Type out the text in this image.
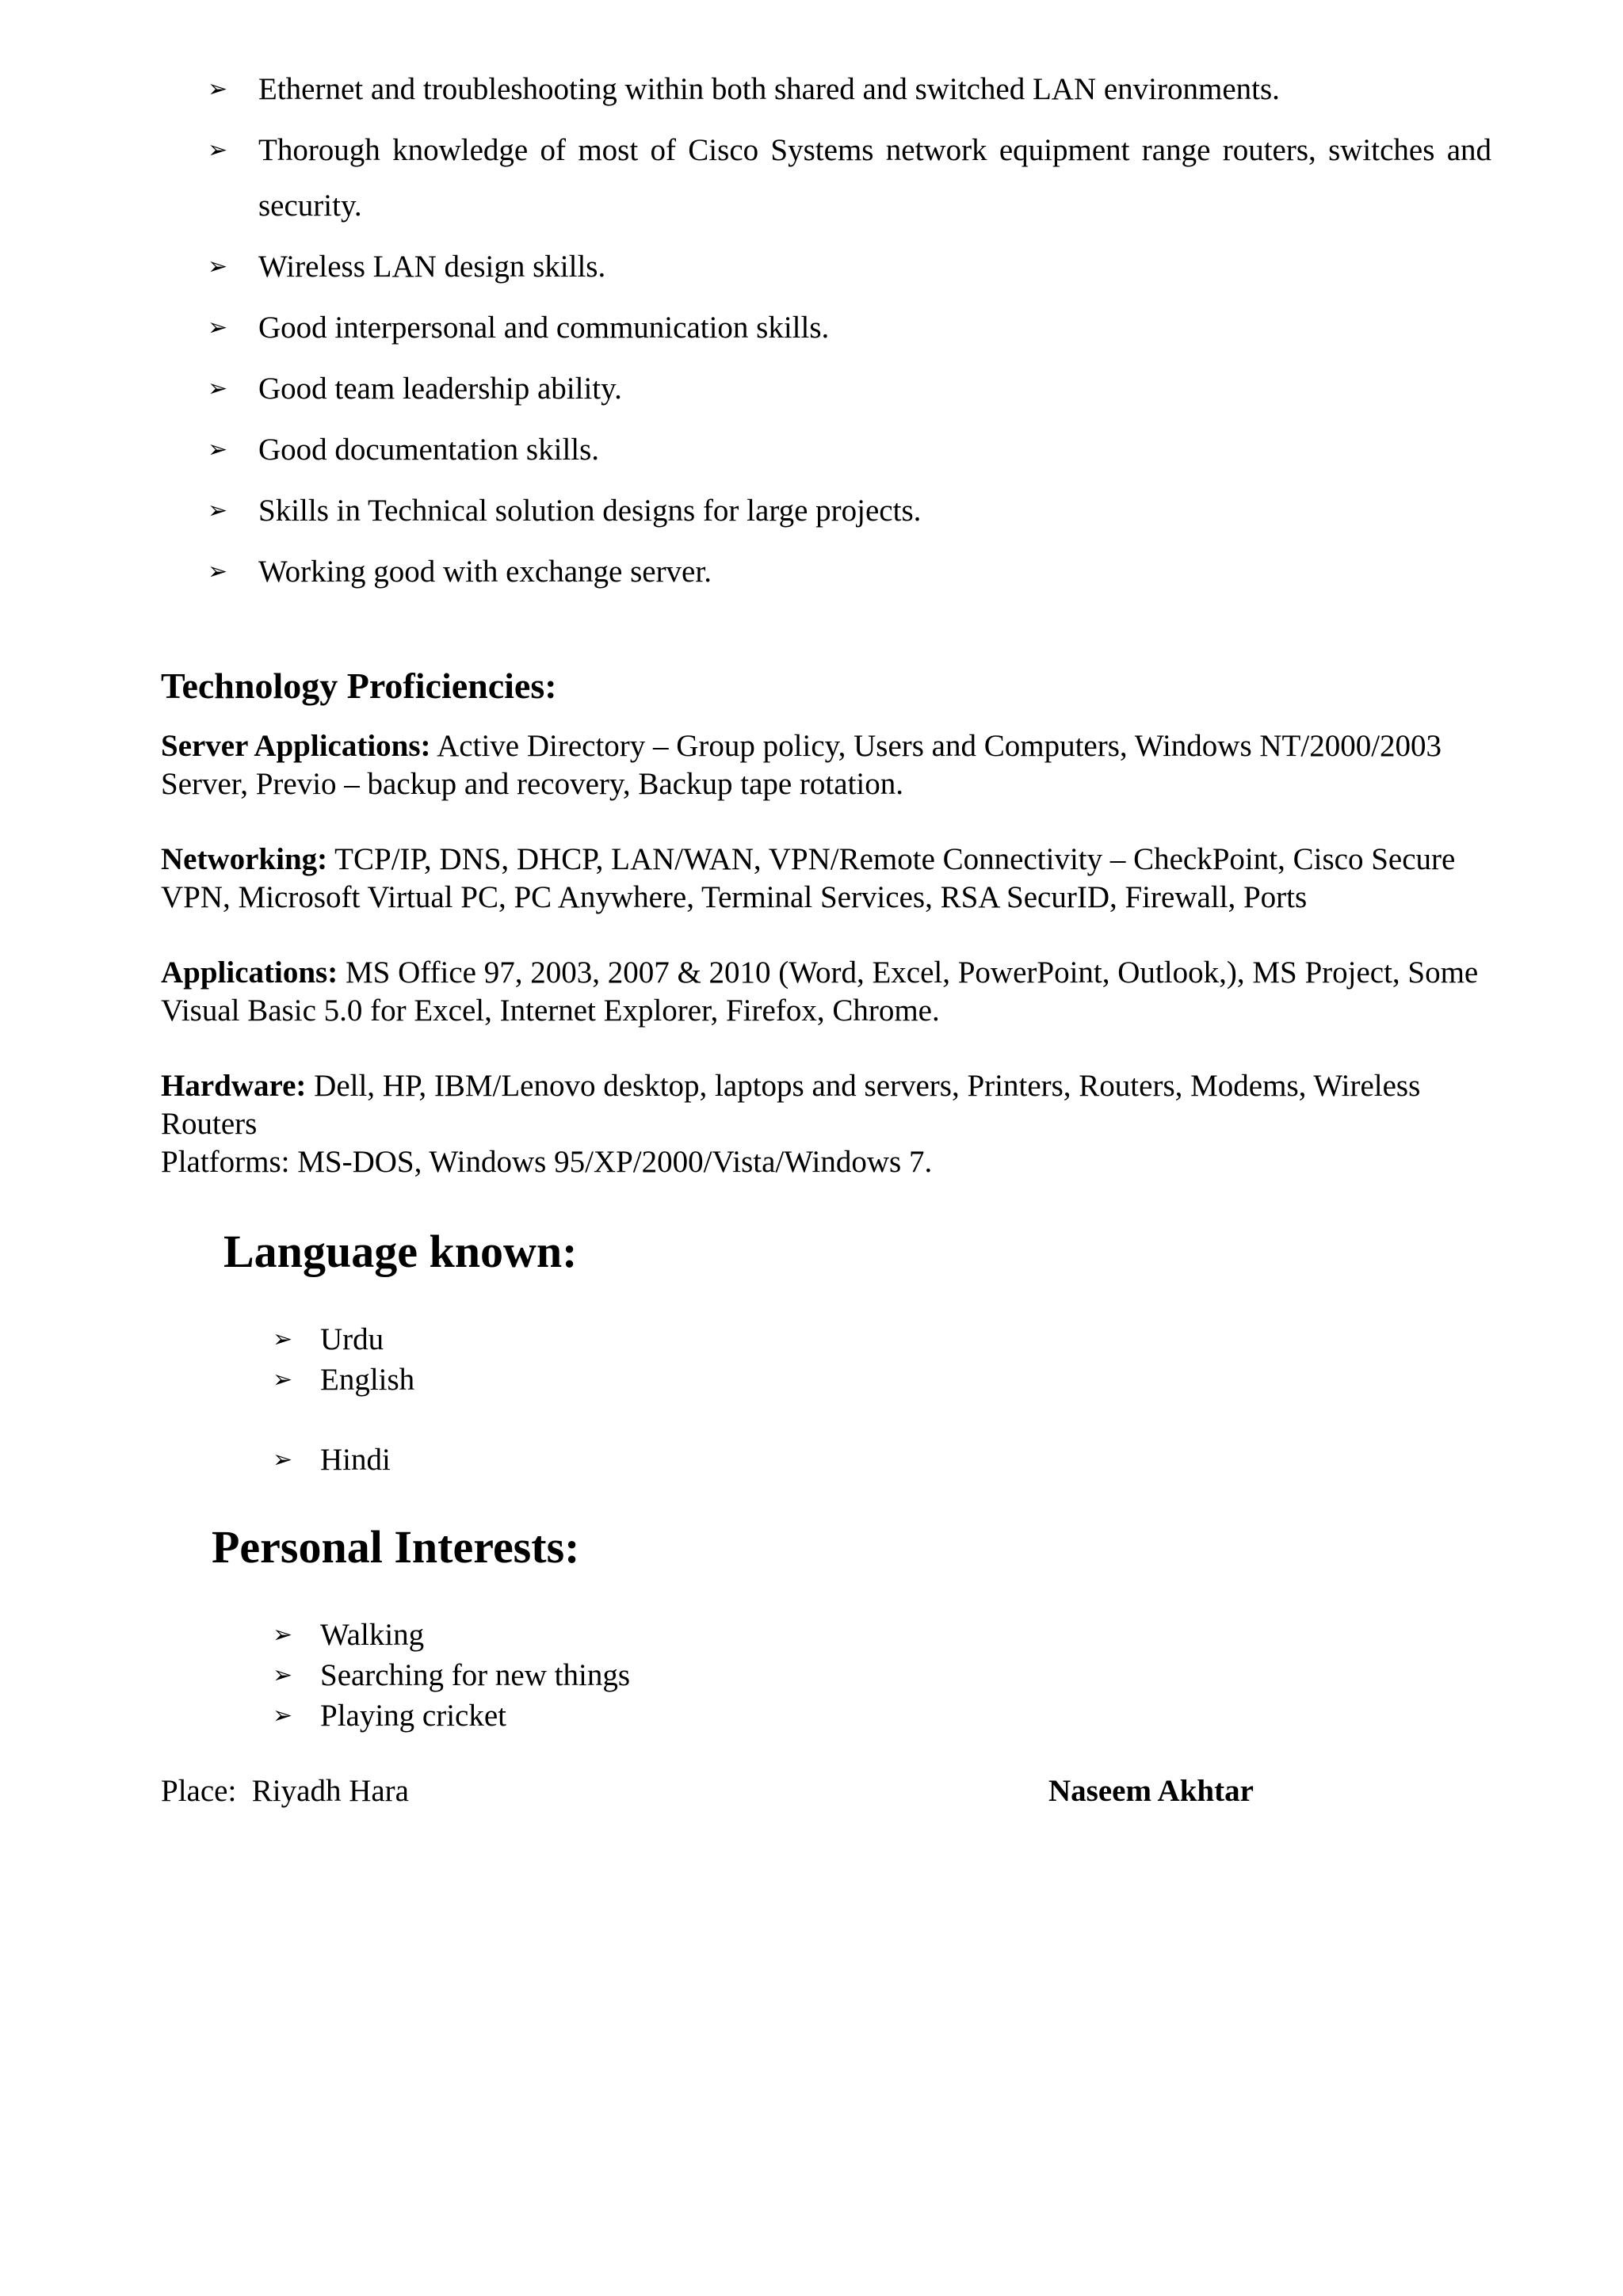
➢ Ethernet and troubleshooting within both shared and switched LAN environments.
➢ Thorough knowledge of most of Cisco Systems network equipment range routers, switches and security.
➢ Wireless LAN design skills.
➢ Good interpersonal and communication skills.
➢ Good team leadership ability.
➢ Good documentation skills.
➢ Skills in Technical solution designs for large projects.
➢ Working good with exchange server.
Technology Proficiencies:

Server Applications: Active Directory – Group policy, Users and Computers, Windows NT/2000/2003 Server, Previo – backup and recovery, Backup tape rotation.

Networking: TCP/IP, DNS, DHCP, LAN/WAN, VPN/Remote Connectivity – CheckPoint, Cisco Secure VPN, Microsoft Virtual PC, PC Anywhere, Terminal Services, RSA SecurID, Firewall, Ports

Applications: MS Office 97, 2003, 2007 & 2010 (Word, Excel, PowerPoint, Outlook,), MS Project, Some Visual Basic 5.0 for Excel, Internet Explorer, Firefox, Chrome.

Hardware: Dell, HP, IBM/Lenovo desktop, laptops and servers, Printers, Routers, Modems, Wireless Routers

Platforms: MS-DOS, Windows 95/XP/2000/Vista/Windows 7.

Language known:
➢ Urdu
➢ English
➢ Hindi
Personal Interests:
➢ Walking
➢ Searching for new things
➢ Playing cricket
Place:  Riyadh Hara	Naseem Akhtar
